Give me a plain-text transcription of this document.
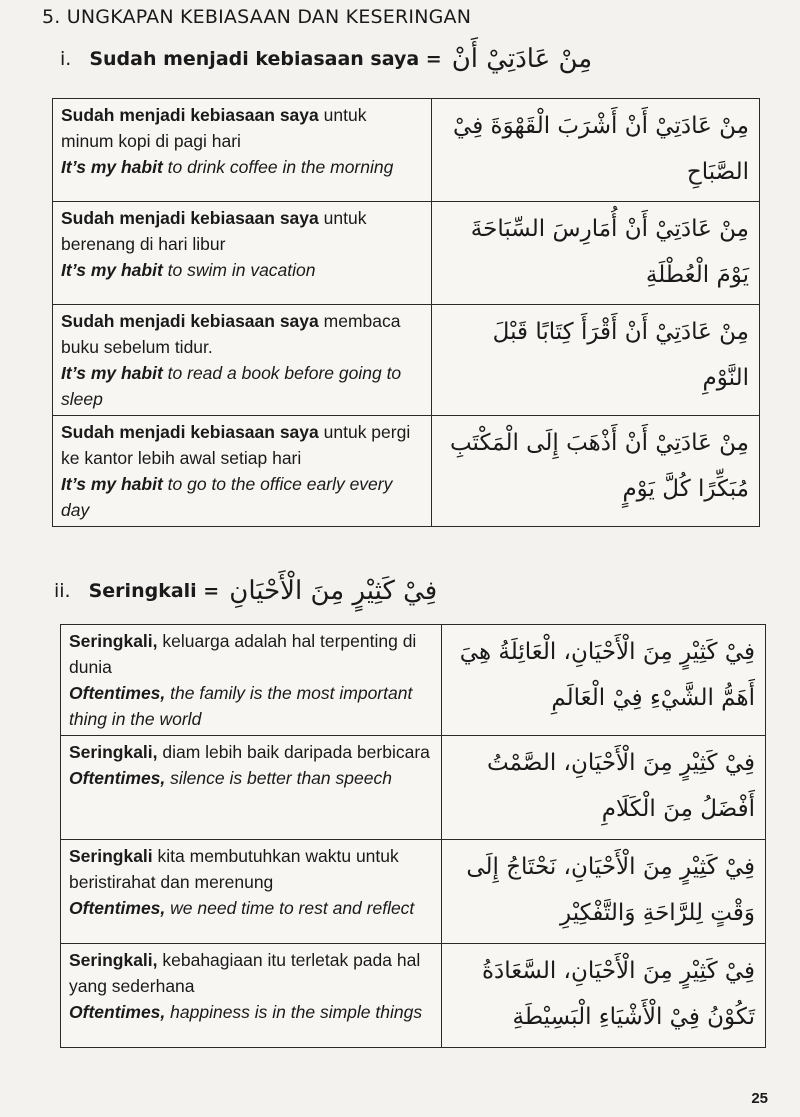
5. UNGKAPAN KEBIASAAN DAN KESERINGAN
i. Sudah menjadi kebiasaan saya = مِنْ عَادَتِيْ أَنْ
Sudah menjadi kebiasaan saya untuk minum kopi di pagi hari
It’s my habit to drink coffee in the morning	مِنْ عَادَتِيْ أَنْ أَشْرَبَ الْقَهْوَةَ فِيْ الصَّبَاحِ
Sudah menjadi kebiasaan saya untuk berenang di hari libur
It’s my habit to swim in vacation	مِنْ عَادَتِيْ أَنْ أُمَارِسَ السِّبَاحَةَ يَوْمَ الْعُطْلَةِ
Sudah menjadi kebiasaan saya membaca buku sebelum tidur.
It’s my habit to read a book before going to sleep	مِنْ عَادَتِيْ أَنْ أَقْرَأَ كِتَابًا قَبْلَ النَّوْمِ
Sudah menjadi kebiasaan saya untuk pergi ke kantor lebih awal setiap hari
It’s my habit to go to the office early every day	مِنْ عَادَتِيْ أَنْ أَذْهَبَ إِلَى الْمَكْتَبِ مُبَكِّرًا كُلَّ يَوْمٍ
ii. Seringkali = فِيْ كَثِيْرٍ مِنَ الْأَحْيَانِ
Seringkali, keluarga adalah hal terpenting di dunia
Oftentimes, the family is the most important thing in the world	فِيْ كَثِيْرٍ مِنَ الْأَحْيَانِ، الْعَائِلَةُ هِيَ أَهَمُّ الشَّيْءِ فِيْ الْعَالَمِ
Seringkali, diam lebih baik daripada berbicara
Oftentimes, silence is better than speech	فِيْ كَثِيْرٍ مِنَ الْأَحْيَانِ، الصَّمْتُ أَفْضَلُ مِنَ الْكَلَامِ
Seringkali kita membutuhkan waktu untuk beristirahat dan merenung
Oftentimes, we need time to rest and reflect	فِيْ كَثِيْرٍ مِنَ الْأَحْيَانِ، نَحْتَاجُ إِلَى وَقْتٍ لِلرَّاحَةِ وَالتَّفْكِيْرِ
Seringkali, kebahagiaan itu terletak pada hal yang sederhana
Oftentimes, happiness is in the simple things	فِيْ كَثِيْرٍ مِنَ الْأَحْيَانِ، السَّعَادَةُ تَكُوْنُ فِيْ الْأَشْيَاءِ الْبَسِيْطَةِ
25
